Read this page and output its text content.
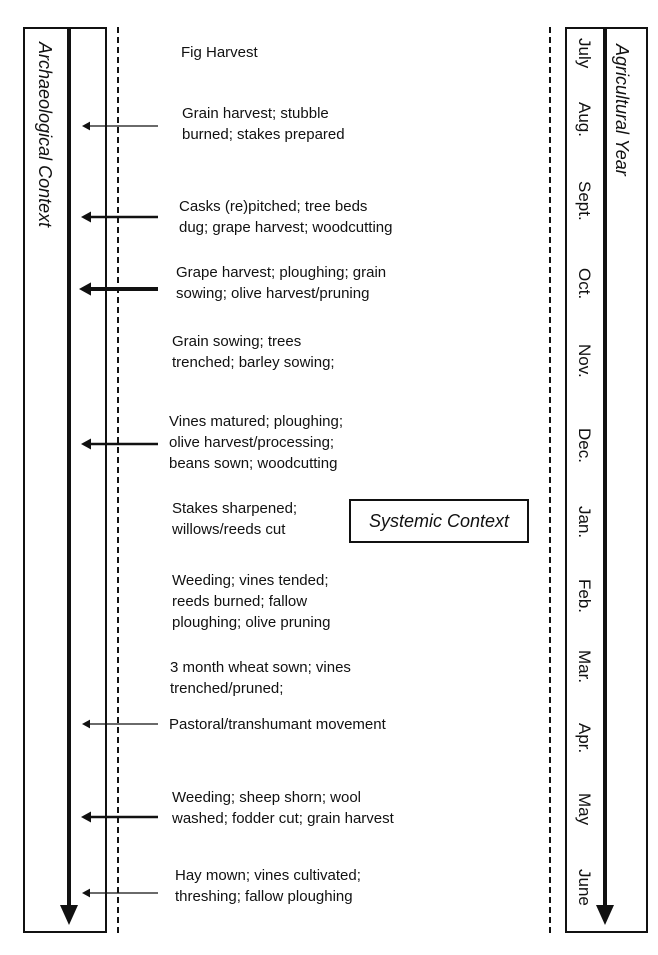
Archaeological Context	Agricultural Year
July
Aug.
Sept.
Oct.
Nov.
Dec.
Jan.
Feb.
Mar.
Apr.
May
June
Fig Harvest
Grain harvest; stubble
burned; stakes prepared
Casks (re)pitched; tree beds
dug; grape harvest; woodcutting
Grape harvest; ploughing; grain
sowing; olive harvest/pruning
Grain sowing; trees
trenched; barley sowing;
Vines matured; ploughing;
olive harvest/processing;
beans sown; woodcutting
Stakes sharpened;
willows/reeds cut
Weeding; vines tended;
reeds burned; fallow
ploughing; olive pruning
3 month wheat sown; vines
trenched/pruned;
Pastoral/transhumant movement
Weeding; sheep shorn; wool
washed; fodder cut; grain harvest
Hay mown; vines cultivated;
threshing; fallow ploughing
Systemic Context
